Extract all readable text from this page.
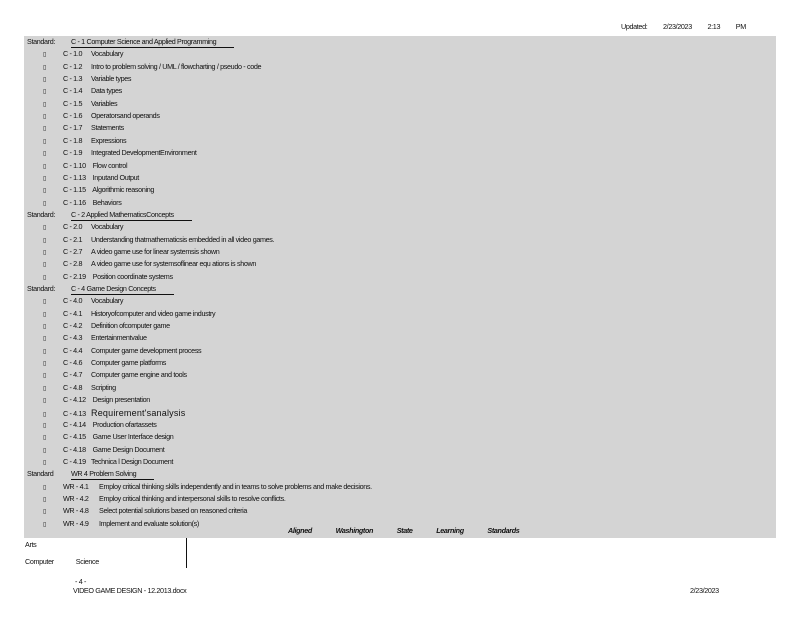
Updated: 2/23/2023 2:13 PM
Standard: C - 1 Computer Science and Applied Programming
▯ C - 1.0 Vocabulary
▯ C - 1.2 Intro to problem solving / UML / flowcharting / pseudo - code
▯ C - 1.3 Variable types
▯ C - 1.4 Data types
▯ C - 1.5 Variables
▯ C - 1.6 Operatorsand operands
▯ C - 1.7 Statements
▯ C - 1.8 Expressions
▯ C - 1.9 Integrated DevelopmentEnvironment
▯ C - 1.10 Flow control
▯ C - 1.13 Inputand Output
▯ C - 1.15 Algorithmic reasoning
▯ C - 1.16 Behaviors
Standard: C - 2 Applied MathematicsConcepts
▯ C - 2.0 Vocabulary
▯ C - 2.1 Understanding thatmathematicsis embedded in all video games.
▯ C - 2.7 A video game use for linear systemsis shown
▯ C - 2.8 A video game use for systemsoflinear equ ations is shown
▯ C - 2.19 Position coordinate systems
Standard: C - 4 Game Design Concepts
▯ C - 4.0 Vocabulary
▯ C - 4.1 Historyofcomputer and video game industry
▯ C - 4.2 Definition ofcomputer game
▯ C - 4.3 Entertainmentvalue
▯ C - 4.4 Computer game development process
▯ C - 4.6 Computer game platforms
▯ C - 4.7 Computer game engine and tools
▯ C - 4.8 Scripting
▯ C - 4.12 Design presentation
▯ C - 4.13 Requirement'sanalysis
▯ C - 4.14 Production ofartassets
▯ C - 4.15 Game User Interface design
▯ C - 4.18 Game Design Document
▯ C - 4.19 Technica l Design Document
Standard WR 4 Problem Solving
▯ WR - 4.1 Employ critical thinking skills independently and in teams to solve problems and make decisions.
▯ WR - 4.2 Employ critical thinking and interpersonal skills to resolve conflicts.
▯ WR - 4.8 Select potential solutions based on reasoned criteria
▯ WR - 4.9 Implement and evaluate solution(s)
Aligned	Washington	State	Learning	Standards
Arts
Computer	Science
- 4 -
VIDEO GAME DESIGN - 12.2013.docx	2/23/2023
